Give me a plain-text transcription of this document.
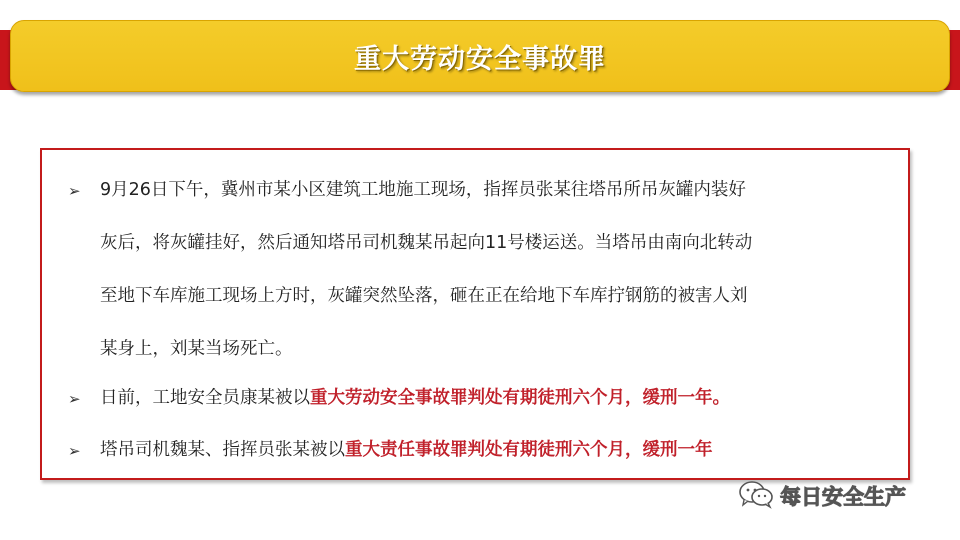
重大劳动安全事故罪
➢ 9月26日下午，冀州市某小区建筑工地施工现场，指挥员张某往塔吊所吊灰罐内装好
灰后，将灰罐挂好，然后通知塔吊司机魏某吊起向11号楼运送。当塔吊由南向北转动
至地下车库施工现场上方时，灰罐突然坠落，砸在正在给地下车库拧钢筋的被害人刘
某身上，刘某当场死亡。

➢ 日前，工地安全员康某被以重大劳动安全事故罪判处有期徒刑六个月，缓刑一年。

➢ 塔吊司机魏某、指挥员张某被以重大责任事故罪判处有期徒刑六个月，缓刑一年

每日安全生产
